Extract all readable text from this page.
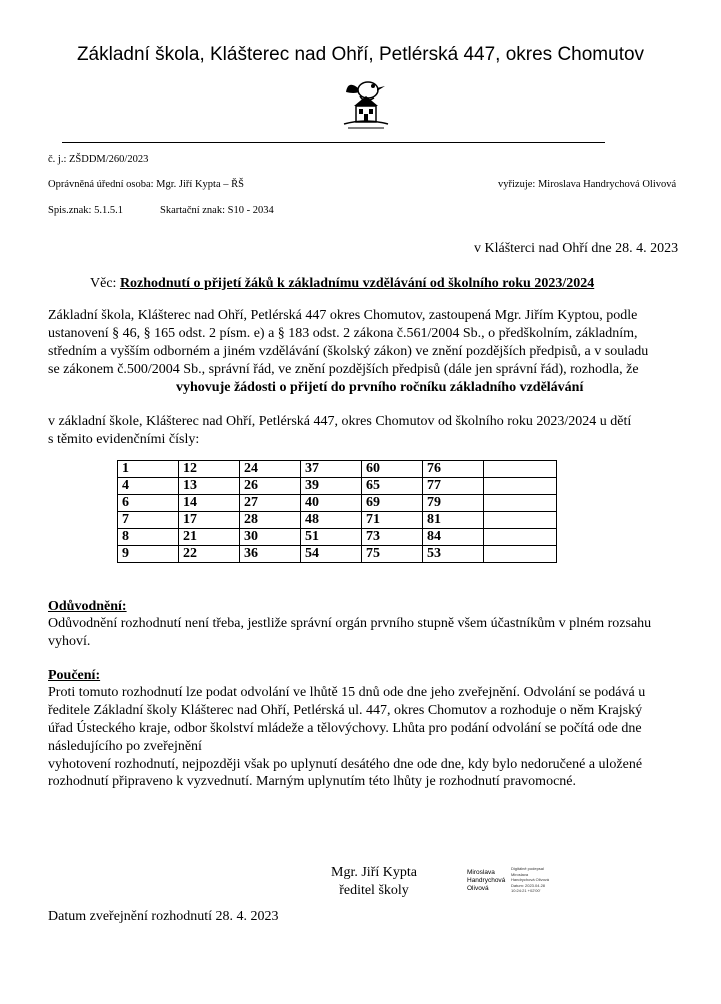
Základní škola, Klášterec nad Ohří, Petlérská 447, okres Chomutov
č. j.: ZŠDDM/260/2023
Oprávněná úřední osoba: Mgr. Jiří Kypta – ŘŠ	vyřizuje: Miroslava Handrychová Olivová
Spis.znak: 5.1.5.1	Skartační znak: S10 - 2034
v Klášterci nad Ohří dne 28. 4. 2023
Věc: Rozhodnutí o přijetí žáků k základnímu vzdělávání od školního roku 2023/2024
Základní škola, Klášterec nad Ohří, Petlérská 447 okres Chomutov, zastoupená Mgr. Jiřím Kyptou, podle
ustanovení § 46, § 165 odst. 2 písm. e) a § 183 odst. 2 zákona č.561/2004 Sb., o předškolním, základním,
středním a vyšším odborném a jiném vzdělávání (školský zákon) ve znění pozdějších předpisů, a v souladu
se zákonem č.500/2004 Sb., správní řád, ve znění pozdějších předpisů (dále jen správní řád), rozhodla, že
vyhovuje žádosti o přijetí do prvního ročníku základního vzdělávání
v základní škole, Klášterec nad Ohří, Petlérská 447, okres Chomutov od školního roku 2023/2024 u dětí
s těmito evidenčními čísly:
1	12	24	37	60	76	
4	13	26	39	65	77	
6	14	27	40	69	79	
7	17	28	48	71	81	
8	21	30	51	73	84	
9	22	36	54	75	53	
Odůvodnění:
Odůvodnění rozhodnutí není třeba, jestliže správní orgán prvního stupně všem účastníkům v plném rozsahu
vyhoví.
Poučení:
Proti tomuto rozhodnutí lze podat odvolání ve lhůtě 15 dnů ode dne jeho zveřejnění. Odvolání se podává u
ředitele Základní školy Klášterec nad Ohří, Petlérská ul. 447, okres Chomutov a rozhoduje o něm Krajský
úřad Ústeckého kraje, odbor školství mládeže a tělovýchovy. Lhůta pro podání odvolání se počítá ode dne
následujícího po zveřejnění
vyhotovení rozhodnutí, nejpozději však po uplynutí desátého dne ode dne, kdy bylo nedoručené a uložené
rozhodnutí připraveno k vyzvednutí. Marným uplynutím této lhůty je rozhodnutí pravomocné.
Mgr. Jiří Kypta
ředitel školy
Miroslava
Handrychová
Olivová
Digitálně podepsal
Miroslava
Handrychová Olivová
Datum: 2023.04.28
10:24:21 +02'00'
Datum zveřejnění rozhodnutí 28. 4. 2023
